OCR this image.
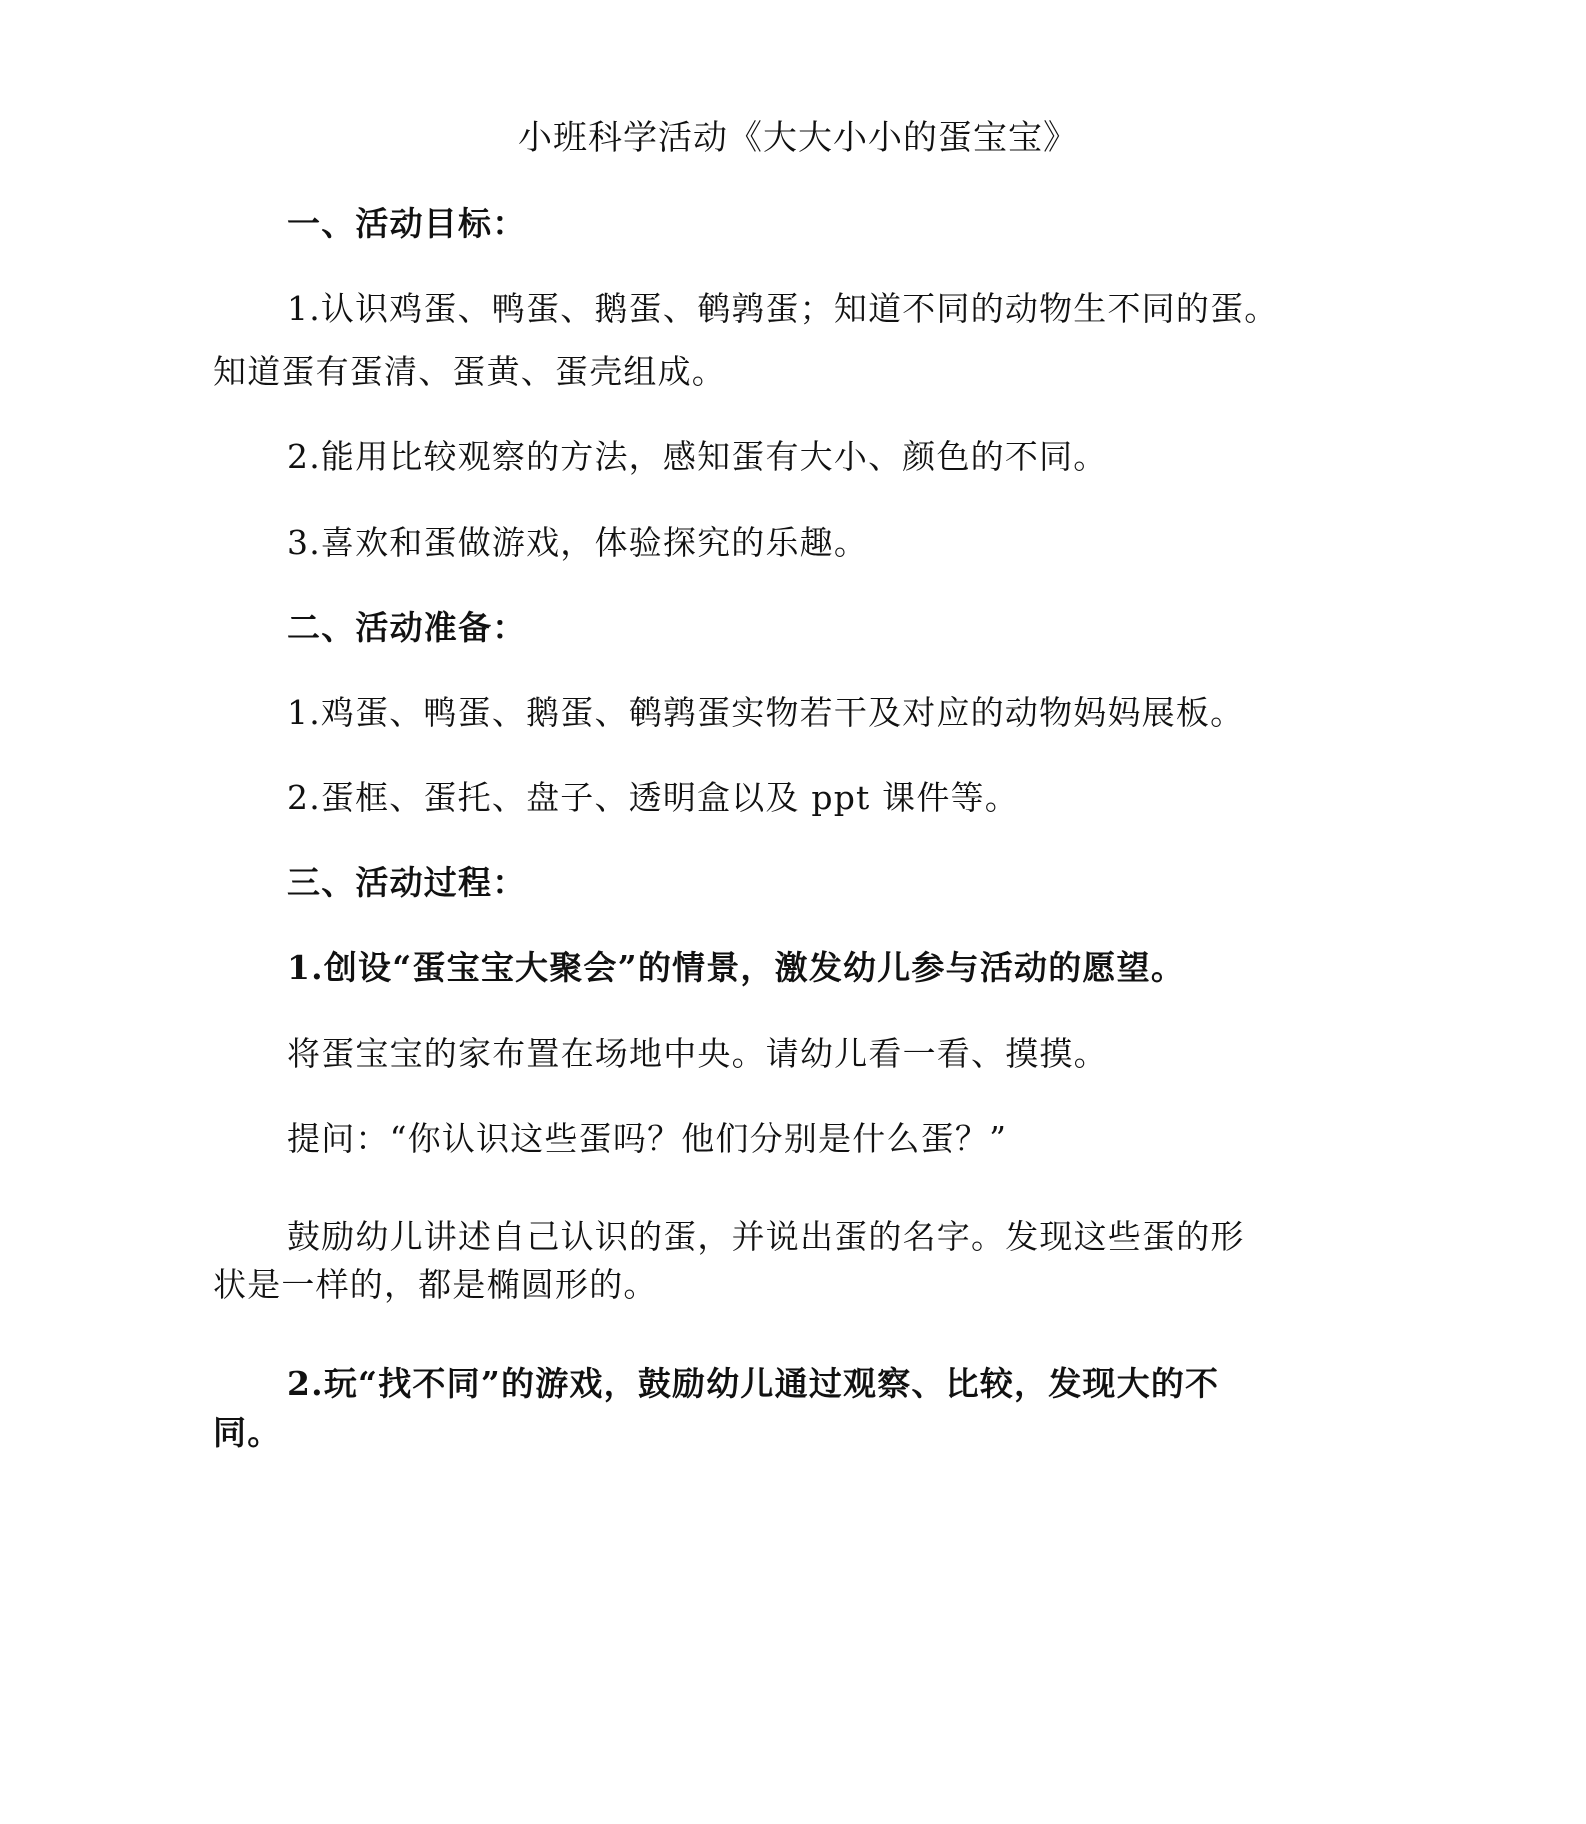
小班科学活动《大大小小的蛋宝宝》
一、活动目标：
1.认识鸡蛋、鸭蛋、鹅蛋、鹌鹑蛋；知道不同的动物生不同的蛋。
知道蛋有蛋清、蛋黄、蛋壳组成。
2.能用比较观察的方法，感知蛋有大小、颜色的不同。
3.喜欢和蛋做游戏，体验探究的乐趣。
二、活动准备：
1.鸡蛋、鸭蛋、鹅蛋、鹌鹑蛋实物若干及对应的动物妈妈展板。
2.蛋框、蛋托、盘子、透明盒以及 ppt 课件等。
三、活动过程：
1.创设“蛋宝宝大聚会”的情景，激发幼儿参与活动的愿望。
将蛋宝宝的家布置在场地中央。请幼儿看一看、摸摸。
提问：“你认识这些蛋吗？他们分别是什么蛋？”
鼓励幼儿讲述自己认识的蛋，并说出蛋的名字。发现这些蛋的形
状是一样的，都是椭圆形的。
2.玩“找不同”的游戏，鼓励幼儿通过观察、比较，发现大的不
同。
